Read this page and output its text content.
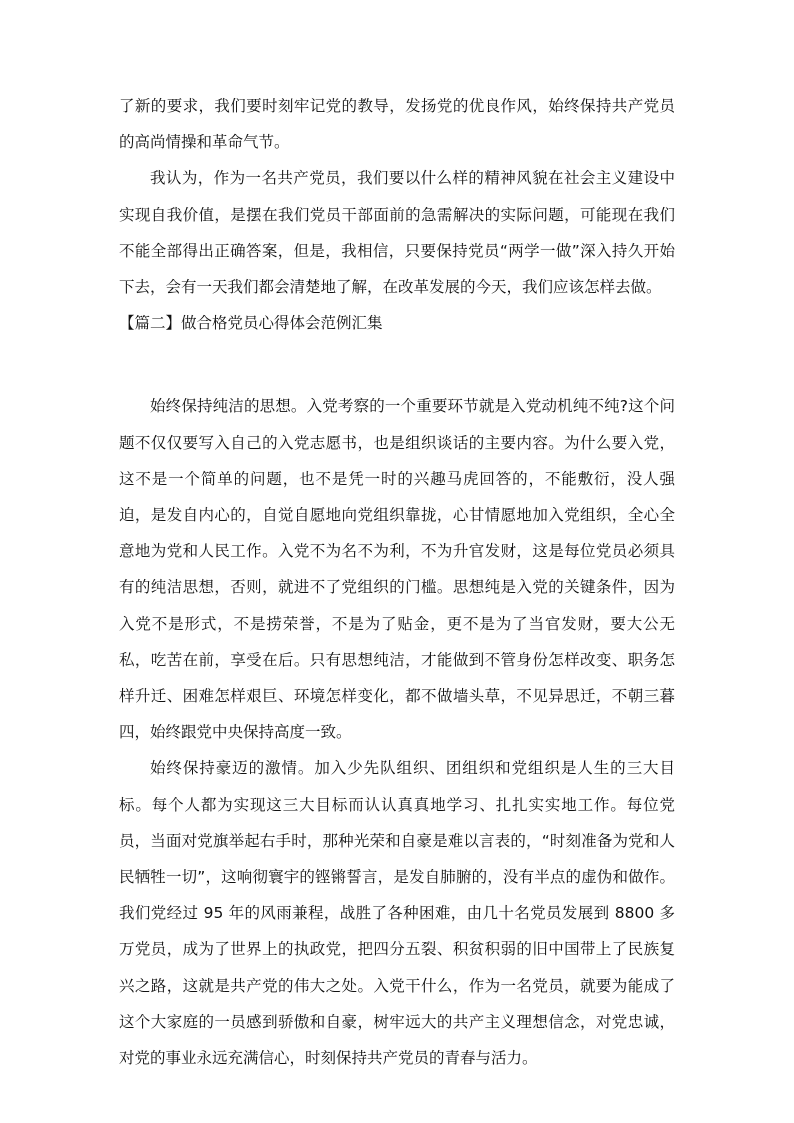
了新的要求，我们要时刻牢记党的教导，发扬党的优良作风，始终保持共产党员的高尚情操和革命气节。

我认为，作为一名共产党员，我们要以什么样的精神风貌在社会主义建设中实现自我价值，是摆在我们党员干部面前的急需解决的实际问题，可能现在我们不能全部得出正确答案，但是，我相信，只要保持党员“两学一做”深入持久开始下去，会有一天我们都会清楚地了解，在改革发展的今天，我们应该怎样去做。

【篇二】做合格党员心得体会范例汇集

始终保持纯洁的思想。入党考察的一个重要环节就是入党动机纯不纯?这个问题不仅仅要写入自己的入党志愿书，也是组织谈话的主要内容。为什么要入党，这不是一个简单的问题，也不是凭一时的兴趣马虎回答的，不能敷衍，没人强迫，是发自内心的，自觉自愿地向党组织靠拢，心甘情愿地加入党组织，全心全意地为党和人民工作。入党不为名不为利，不为升官发财，这是每位党员必须具有的纯洁思想，否则，就进不了党组织的门槛。思想纯是入党的关键条件，因为入党不是形式，不是捞荣誉，不是为了贴金，更不是为了当官发财，要大公无私，吃苦在前，享受在后。只有思想纯洁，才能做到不管身份怎样改变、职务怎样升迁、困难怎样艰巨、环境怎样变化，都不做墙头草，不见异思迁，不朝三暮四，始终跟党中央保持高度一致。

始终保持豪迈的激情。加入少先队组织、团组织和党组织是人生的三大目标。每个人都为实现这三大目标而认认真真地学习、扎扎实实地工作。每位党员，当面对党旗举起右手时，那种光荣和自豪是难以言表的，“时刻准备为党和人民牺牲一切”，这响彻寰宇的铿锵誓言，是发自肺腑的，没有半点的虚伪和做作。我们党经过 95 年的风雨兼程，战胜了各种困难，由几十名党员发展到 8800 多万党员，成为了世界上的执政党，把四分五裂、积贫积弱的旧中国带上了民族复兴之路，这就是共产党的伟大之处。入党干什么，作为一名党员，就要为能成了这个大家庭的一员感到骄傲和自豪，树牢远大的共产主义理想信念，对党忠诚，对党的事业永远充满信心，时刻保持共产党员的青春与活力。
